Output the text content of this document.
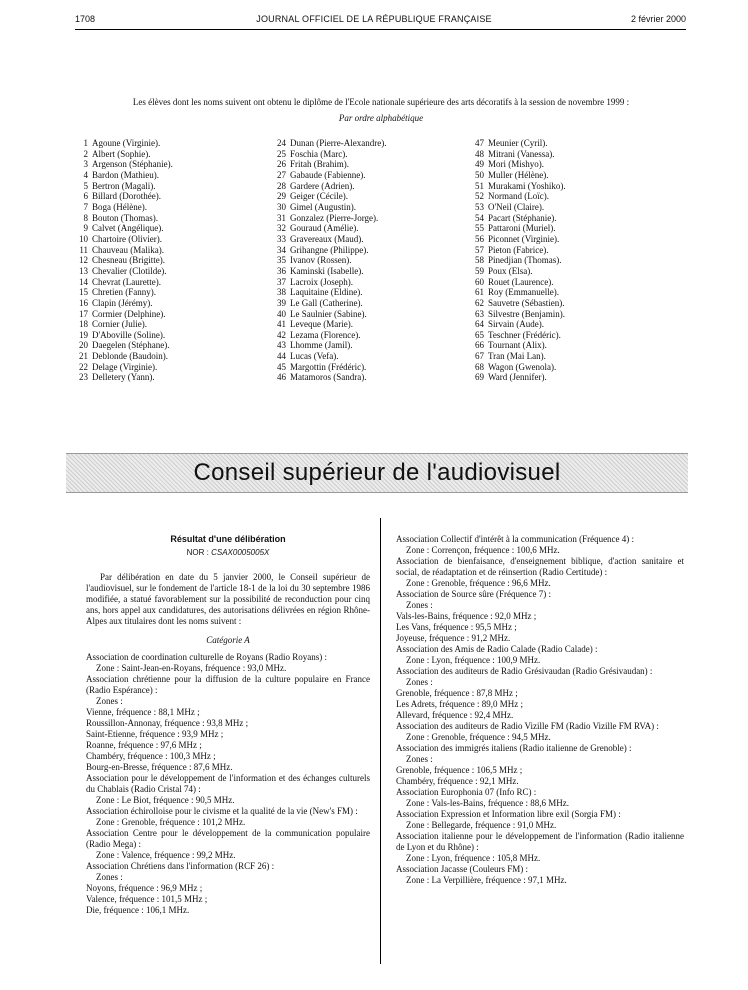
1708	JOURNAL OFFICIEL DE LA RÉPUBLIQUE FRANÇAISE	2 février 2000
Les élèves dont les noms suivent ont obtenu le diplôme de l'Ecole nationale supérieure des arts décoratifs à la session de novembre 1999 :
Par ordre alphabétique
1 Agoune (Virginie).
2 Albert (Sophie).
3 Argenson (Stéphanie).
4 Bardon (Mathieu).
5 Bertron (Magali).
6 Billard (Dorothée).
7 Boga (Hélène).
8 Bouton (Thomas).
9 Calvet (Angélique).
10 Chartoire (Olivier).
11 Chauveau (Malika).
12 Chesneau (Brigitte).
13 Chevalier (Clotilde).
14 Chevrat (Laurette).
15 Chretien (Fanny).
16 Clapin (Jérémy).
17 Cormier (Delphine).
18 Cornier (Julie).
19 D'Aboville (Soline).
20 Daegelen (Stéphane).
21 Deblonde (Baudoin).
22 Delage (Virginie).
23 Delletery (Yann).
24 Dunan (Pierre-Alexandre).
25 Foschia (Marc).
26 Fritah (Brahim).
27 Gabaude (Fabienne).
28 Gardere (Adrien).
29 Geiger (Cécile).
30 Gimel (Augustin).
31 Gonzalez (Pierre-Jorge).
32 Gouraud (Amélie).
33 Gravereaux (Maud).
34 Grihangne (Philippe).
35 Ivanov (Rossen).
36 Kaminski (Isabelle).
37 Lacroix (Joseph).
38 Laquitaine (Eldine).
39 Le Gall (Catherine).
40 Le Saulnier (Sabine).
41 Leveque (Marie).
42 Lezama (Florence).
43 Lhomme (Jamil).
44 Lucas (Vefa).
45 Margottin (Frédéric).
46 Matamoros (Sandra).
47 Meunier (Cyril).
48 Mitrani (Vanessa).
49 Mori (Mishyo).
50 Muller (Hélène).
51 Murakami (Yoshiko).
52 Normand (Loïc).
53 O'Neil (Claire).
54 Pacart (Stéphanie).
55 Pattaroni (Muriel).
56 Piconnet (Virginie).
57 Pieton (Fabrice).
58 Pinedjian (Thomas).
59 Poux (Elsa).
60 Rouet (Laurence).
61 Roy (Emmanuelle).
62 Sauvetre (Sébastien).
63 Silvestre (Benjamin).
64 Sirvain (Aude).
65 Teschner (Frédéric).
66 Tournant (Alix).
67 Tran (Mai Lan).
68 Wagon (Gwenola).
69 Ward (Jennifer).
Conseil supérieur de l'audiovisuel
Résultat d'une délibération
NOR : CSAX0005005X

Par délibération en date du 5 janvier 2000, le Conseil supérieur de l'audiovisuel, sur le fondement de l'article 18-1 de la loi du 30 septembre 1986 modifiée, a statué favorablement sur la possibilité de reconduction pour cinq ans, hors appel aux candidatures, des autorisations délivrées en région Rhône-Alpes aux titulaires dont les noms suivent :

Catégorie A

Association de coordination culturelle de Royans (Radio Royans) :

Zone : Saint-Jean-en-Royans, fréquence : 93,0 MHz.

Association chrétienne pour la diffusion de la culture populaire en France (Radio Espérance) :

Zones :

Vienne, fréquence : 88,1 MHz ;

Roussillon-Annonay, fréquence : 93,8 MHz ;

Saint-Etienne, fréquence : 93,9 MHz ;

Roanne, fréquence : 97,6 MHz ;

Chambéry, fréquence : 100,3 MHz ;

Bourg-en-Bresse, fréquence : 87,6 MHz.

Association pour le développement de l'information et des échanges culturels du Chablais (Radio Cristal 74) :

Zone : Le Biot, fréquence : 90,5 MHz.

Association échirolloise pour le civisme et la qualité de la vie (New's FM) :

Zone : Grenoble, fréquence : 101,2 MHz.

Association Centre pour le développement de la communication populaire (Radio Mega) :

Zone : Valence, fréquence : 99,2 MHz.

Association Chrétiens dans l'information (RCF 26) :

Zones :

Noyons, fréquence : 96,9 MHz ;

Valence, fréquence : 101,5 MHz ;

Die, fréquence : 106,1 MHz.

Association Collectif d'intérêt à la communication (Fréquence 4) :

Zone : Corrençon, fréquence : 100,6 MHz.

Association de bienfaisance, d'enseignement biblique, d'action sanitaire et social, de réadaptation et de réinsertion (Radio Certitude) :

Zone : Grenoble, fréquence : 96,6 MHz.

Association de Source sûre (Fréquence 7) :

Zones :

Vals-les-Bains, fréquence : 92,0 MHz ;

Les Vans, fréquence : 95,5 MHz ;

Joyeuse, fréquence : 91,2 MHz.

Association des Amis de Radio Calade (Radio Calade) :

Zone : Lyon, fréquence : 100,9 MHz.

Association des auditeurs de Radio Grésivaudan (Radio Grésivaudan) :

Zones :

Grenoble, fréquence : 87,8 MHz ;

Les Adrets, fréquence : 89,0 MHz ;

Allevard, fréquence : 92,4 MHz.

Association des auditeurs de Radio Vizille FM (Radio Vizille FM RVA) :

Zone : Grenoble, fréquence : 94,5 MHz.

Association des immigrés italiens (Radio italienne de Grenoble) :

Zones :

Grenoble, fréquence : 106,5 MHz ;

Chambéry, fréquence : 92,1 MHz.

Association Europhonia 07 (Info RC) :

Zone : Vals-les-Bains, fréquence : 88,6 MHz.

Association Expression et Information libre exil (Sorgia FM) :

Zone : Bellegarde, fréquence : 91,0 MHz.

Association italienne pour le développement de l'information (Radio italienne de Lyon et du Rhône) :

Zone : Lyon, fréquence : 105,8 MHz.

Association Jacasse (Couleurs FM) :

Zone : La Verpillière, fréquence : 97,1 MHz.
